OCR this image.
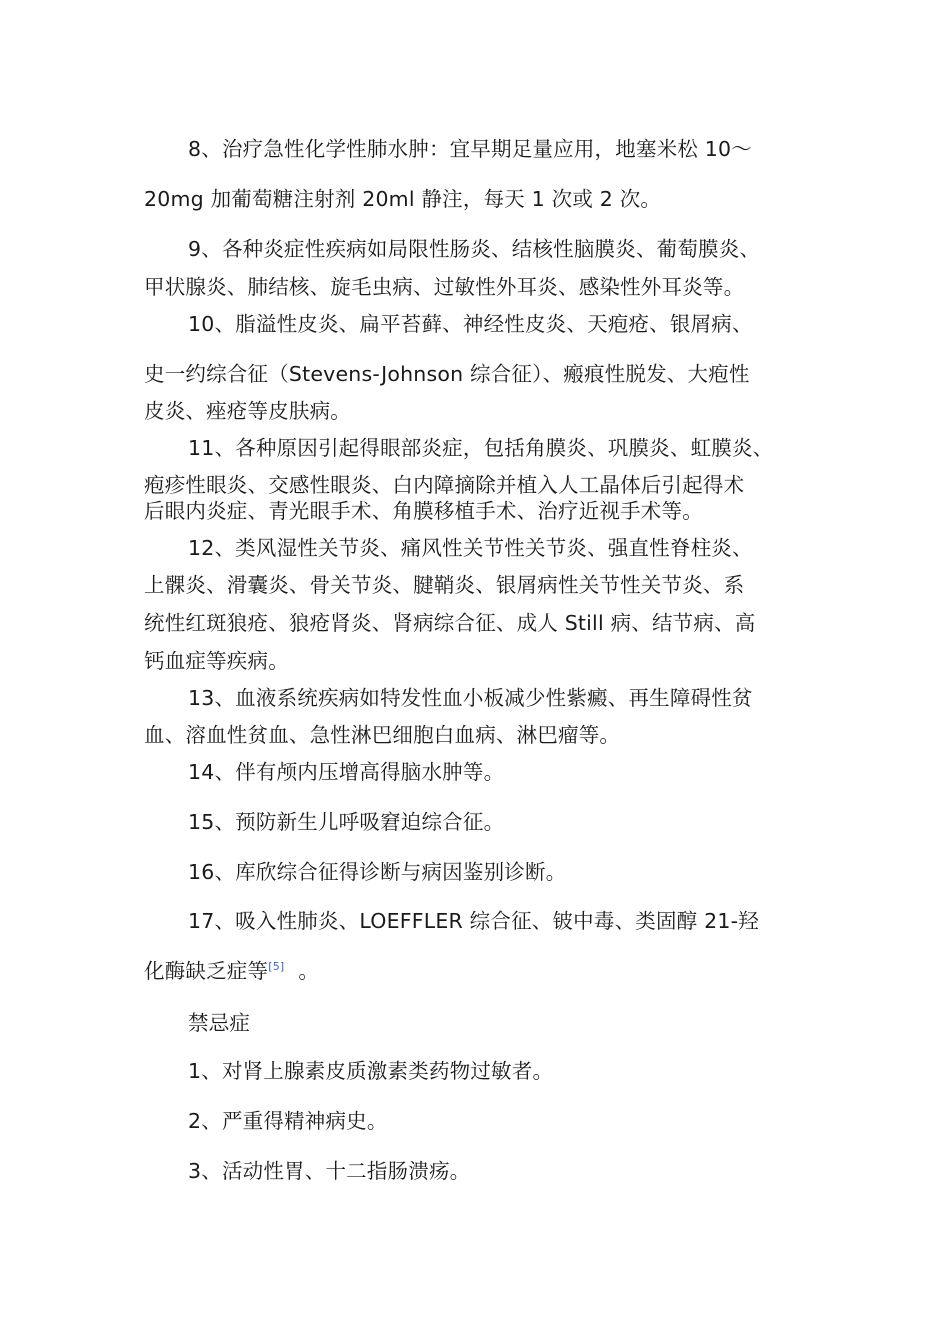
8、治疗急性化学性肺水肿：宜早期足量应用，地塞米松 10～
20mg 加葡萄糖注射剂 20ml 静注，每天 1 次或 2 次。
9、各种炎症性疾病如局限性肠炎、结核性脑膜炎、葡萄膜炎、
甲状腺炎、肺结核、旋毛虫病、过敏性外耳炎、感染性外耳炎等。
10、脂溢性皮炎、扁平苔藓、神经性皮炎、天疱疮、银屑病、
史一约综合征（Stevens-Johnson 综合征）、瘢痕性脱发、大疱性
皮炎、痤疮等皮肤病。
11、各种原因引起得眼部炎症，包括角膜炎、巩膜炎、虹膜炎、
疱疹性眼炎、交感性眼炎、白内障摘除并植入人工晶体后引起得术
后眼内炎症、青光眼手术、角膜移植手术、治疗近视手术等。
12、类风湿性关节炎、痛风性关节性关节炎、强直性脊柱炎、
上髁炎、滑囊炎、骨关节炎、腱鞘炎、银屑病性关节性关节炎、系
统性红斑狼疮、狼疮肾炎、肾病综合征、成人 Still 病、结节病、高
钙血症等疾病。
13、血液系统疾病如特发性血小板减少性紫癜、再生障碍性贫
血、溶血性贫血、急性淋巴细胞白血病、淋巴瘤等。
14、伴有颅内压增高得脑水肿等。
15、预防新生儿呼吸窘迫综合征。
16、库欣综合征得诊断与病因鉴别诊断。
17、吸入性肺炎、LOEFFLER 综合征、铍中毒、类固醇 21-羟
化酶缺乏症等[5] 。
禁忌症
1、对肾上腺素皮质激素类药物过敏者。
2、严重得精神病史。
3、活动性胃、十二指肠溃疡。
